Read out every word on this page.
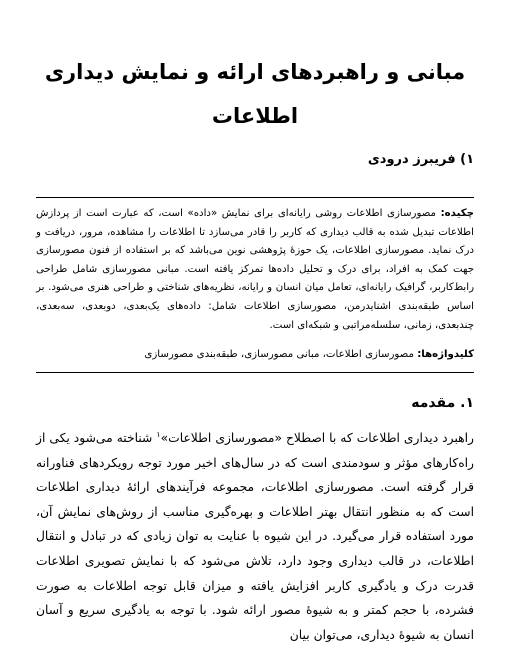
مبانی و راهبردهای ارائه و نمایش دیداری اطلاعات

۱) فریبرز درودی

چکیده: مصورسازی اطلاعات روشی رایانه‌ای برای نمایش «داده» است، که عبارت است از پردازش اطلاعات تبدیل شده به قالب دیداری که کاربر را قادر می‌سازد تا اطلاعات را مشاهده، مرور، دریافت و درک نماید. مصورسازی اطلاعات، یک حوزهٔ پژوهشی نوین می‌باشد که بر استفاده از فنون مصورسازی جهت کمک به افراد، برای درک و تحلیل داده‌ها تمرکز یافته است. مبانی مصورسازی شامل طراحی رابط‌کاربر، گرافیک رایانه‌ای، تعامل میان انسان و رایانه، نظریه‌های شناختی و طراحی هنری می‌شود. بر اساس طبقه‌بندی اشنایدرمن، مصورسازی اطلاعات شامل: داده‌های یک‌بعدی، دوبعدی، سه‌بعدی، چندبعدی، زمانی، سلسله‌مراتبی و شبکه‌ای است.

کلیدواژه‌ها: مصورسازی اطلاعات، مبانی مصورسازی، طبقه‌بندی مصورسازی

۱. مقدمه

راهبرد دیداری اطلاعات که با اصطلاح «مصورسازی اطلاعات»$^۱$ شناخته می‌شود یکی از راه‌کارهای مؤثر و سودمندی است که در سال‌های اخیر مورد توجه رویکردهای فناورانه قرار گرفته است. مصورسازی اطلاعات، مجموعه فرآیندهای ارائهٔ دیداری اطلاعات است که به منظور انتقال بهتر اطلاعات و بهره‌گیری مناسب از روش‌های نمایش آن، مورد استفاده قرار می‌گیرد. در این شیوه با عنایت به توان زیادی که در تبادل و انتقال اطلاعات، در قالب دیداری وجود دارد، تلاش می‌شود که با نمایش تصویری اطلاعات قدرت درک و یادگیری کاربر افزایش یافته و میزان قابل توجه اطلاعات به صورت فشرده، با حجم کمتر و به شیوهٔ مصور ارائه شود. با توجه به یادگیری سریع و آسان انسان به شیوهٔ دیداری، می‌توان بیان
